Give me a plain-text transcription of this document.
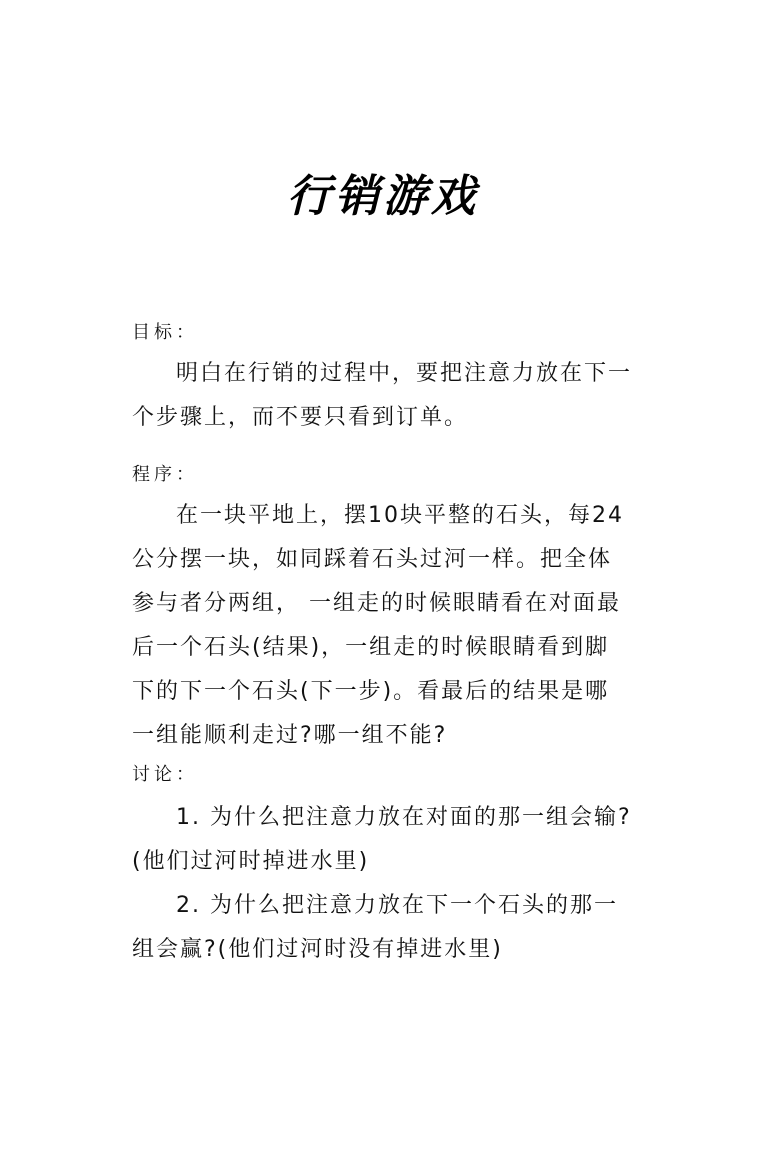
行销游戏
目标：

明白在行销的过程中，要把注意力放在下一个步骤上，而不要只看到订单。

程序：

在一块平地上，摆10块平整的石头，每24公分摆一块，如同踩着石头过河一样。把全体参与者分两组， 一组走的时候眼睛看在对面最后一个石头(结果)，一组走的时候眼睛看到脚下的下一个石头(下一步)。看最后的结果是哪一组能顺利走过?哪一组不能?

讨论：

1. 为什么把注意力放在对面的那一组会输?(他们过河时掉进水里)

2. 为什么把注意力放在下一个石头的那一组会赢?(他们过河时没有掉进水里)
